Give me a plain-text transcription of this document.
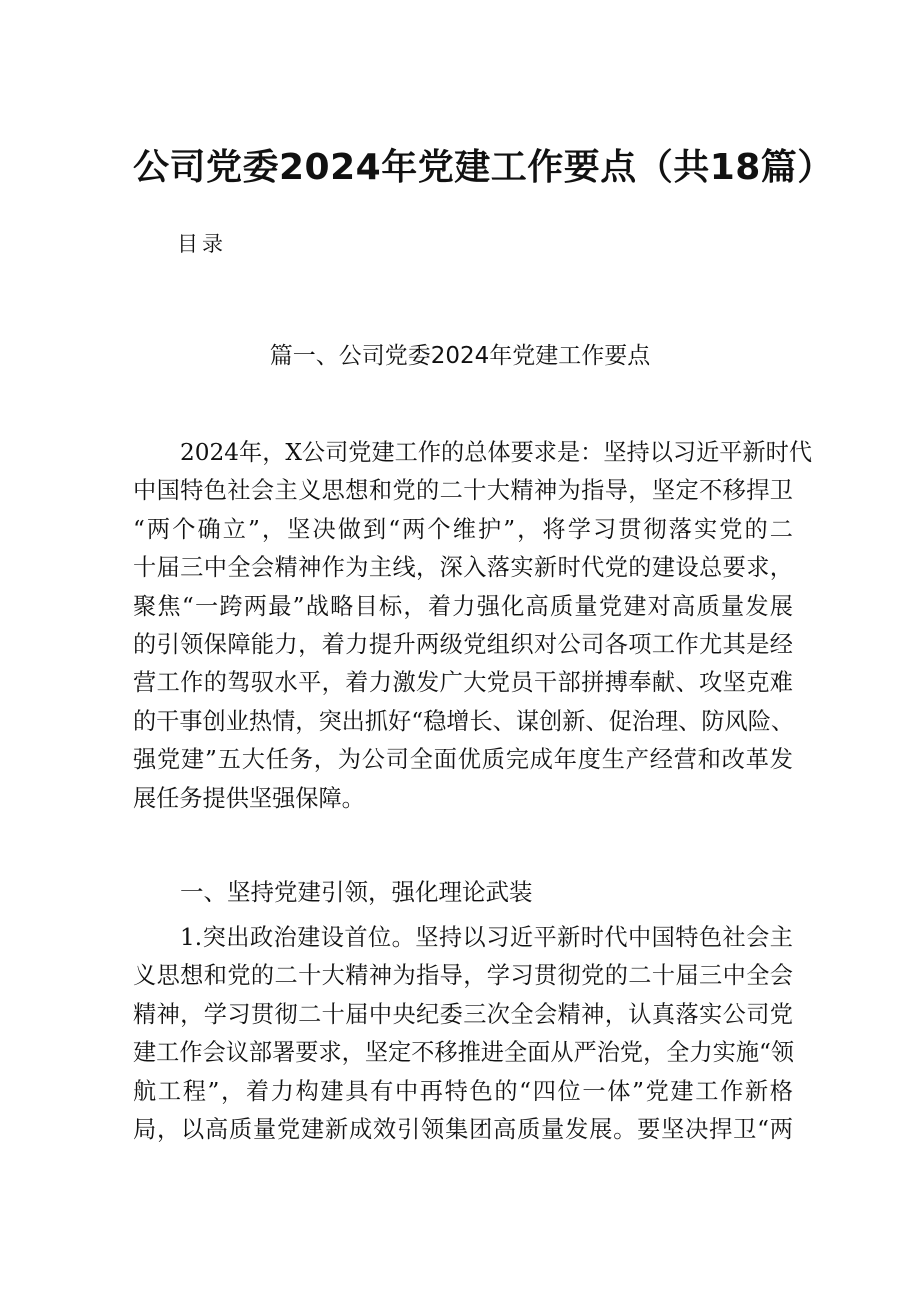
公司党委2024年党建工作要点（共18篇）
目录
篇一、公司党委2024年党建工作要点
2024年，X公司党建工作的总体要求是：坚持以习近平新时代
中国特色社会主义思想和党的二十大精神为指导，坚定不移捍卫
“两个确立”，坚决做到“两个维护”，将学习贯彻落实党的二
十届三中全会精神作为主线，深入落实新时代党的建设总要求，
聚焦“一跨两最”战略目标，着力强化高质量党建对高质量发展
的引领保障能力，着力提升两级党组织对公司各项工作尤其是经
营工作的驾驭水平，着力激发广大党员干部拼搏奉献、攻坚克难
的干事创业热情，突出抓好“稳增长、谋创新、促治理、防风险、
强党建”五大任务，为公司全面优质完成年度生产经营和改革发
展任务提供坚强保障。
一、坚持党建引领，强化理论武装
1.突出政治建设首位。坚持以习近平新时代中国特色社会主
义思想和党的二十大精神为指导，学习贯彻党的二十届三中全会
精神，学习贯彻二十届中央纪委三次全会精神，认真落实公司党
建工作会议部署要求，坚定不移推进全面从严治党，全力实施“领
航工程”，着力构建具有中再特色的“四位一体”党建工作新格
局，以高质量党建新成效引领集团高质量发展。要坚决捍卫“两
